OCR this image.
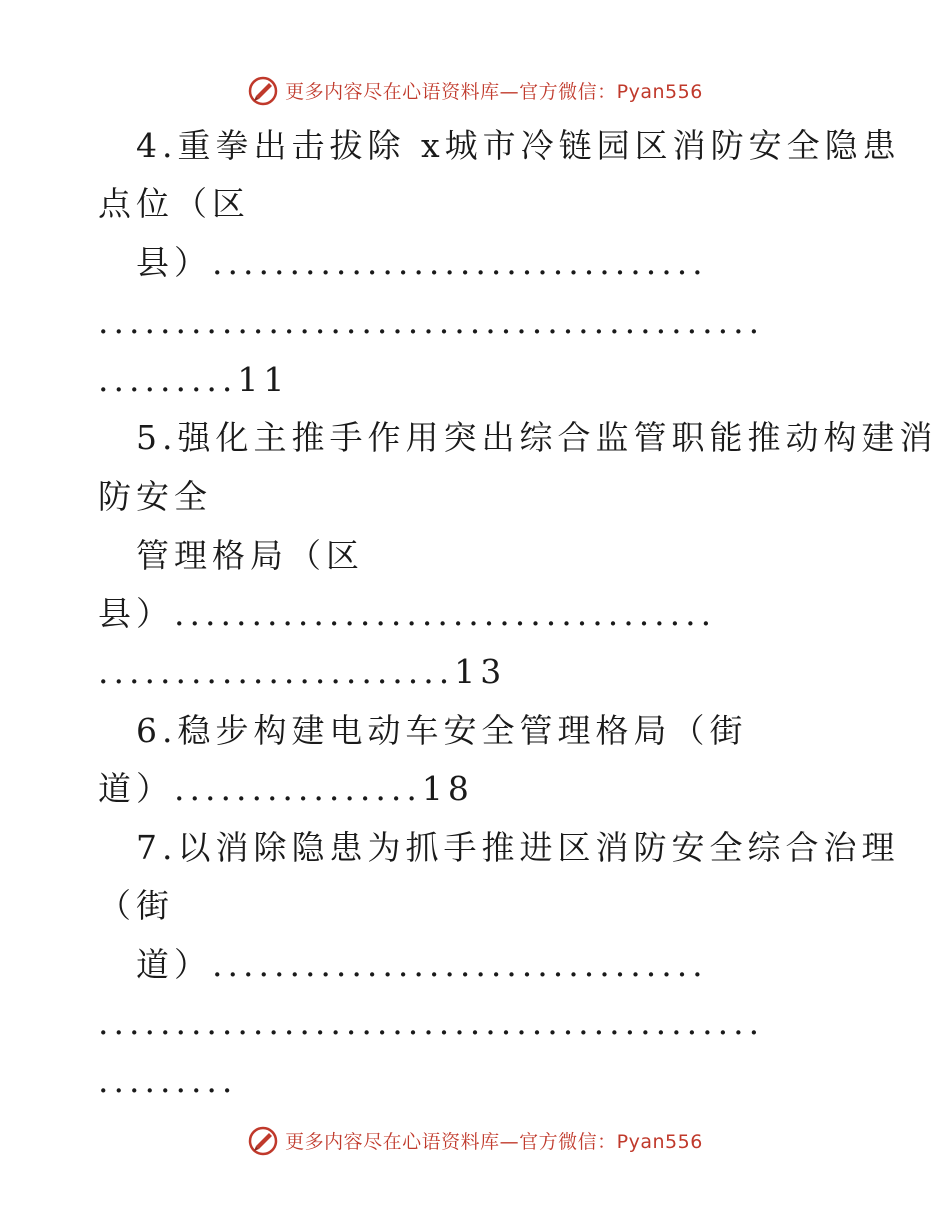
更多内容尽在心语资料库—官方微信：Pyan556
4.重拳出击拔除 x城市冷链园区消防安全隐患
点位（区
县）................................
...........................................
.........11
5.强化主推手作用突出综合监管职能推动构建消
防安全
管理格局（区
县）...................................
.......................13
6.稳步构建电动车安全管理格局（街
道）................18
7.以消除隐患为抓手推进区消防安全综合治理
（街
道）................................
...........................................
.........
更多内容尽在心语资料库—官方微信：Pyan556
